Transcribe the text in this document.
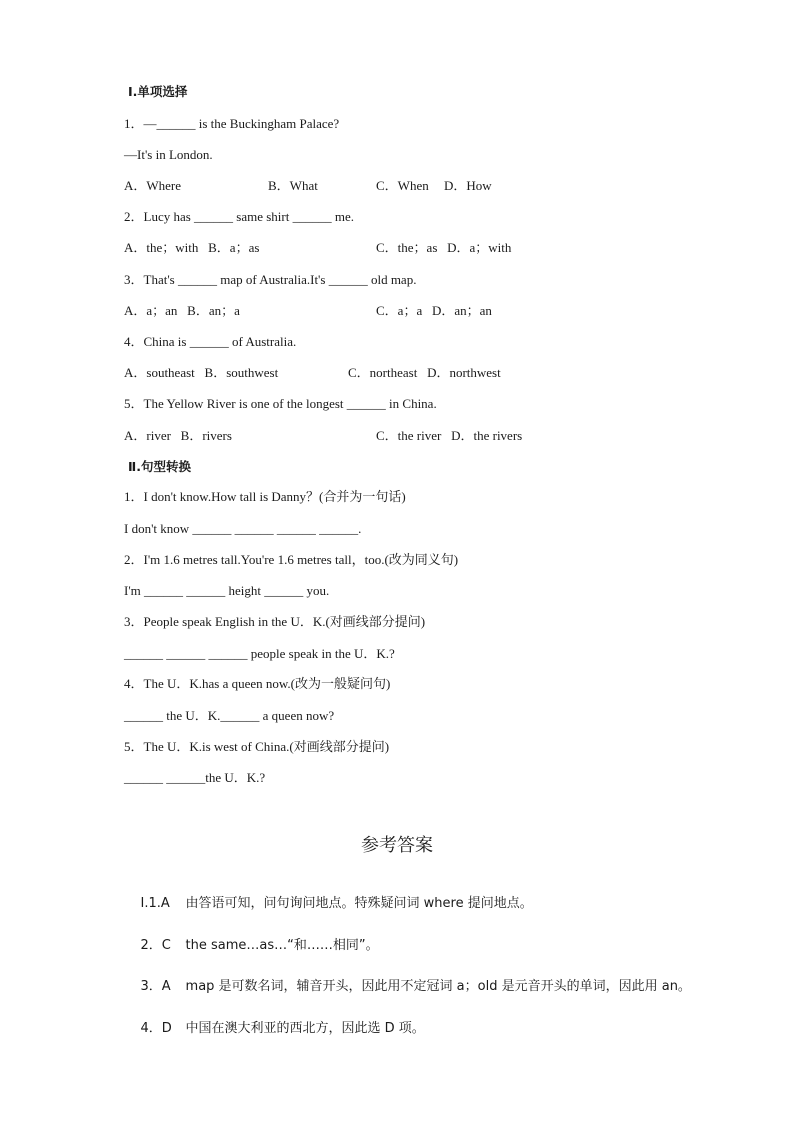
Ⅰ.单项选择
1．—______ is the Buckingham Palace?
—It's in London.
A．Where	B．What	C．When D．How
2．Lucy has ______ same shirt ______ me.
A．the；with   B．a；as	C．the；as   D．a；with
3．That's ______ map of Australia.It's ______ old map.
A．a；an   B．an；a	C．a；a   D．an；an
4．China is ______ of Australia.
A．southeast   B．southwest	C．northeast   D．northwest
5．The Yellow River is one of the longest ______ in China.
A．river   B．rivers	C．the river   D．the rivers
Ⅱ.句型转换
1．I don't know.How tall is Danny？(合并为一句话)
I don't know ______ ______ ______ ______.
2．I'm 1.6 metres tall.You're 1.6 metres tall，too.(改为同义句)
I'm ______ ______ height ______ you.
3．People speak English in the U．K.(对画线部分提问)
______ ______ ______ people speak in the U．K.?
4．The U．K.has a queen now.(改为一般疑问句)
______ the U．K.______ a queen now?
5．The U．K.is west of China.(对画线部分提问)
______ ______the U．K.?
参考答案

Ⅰ.1.A 由答语可知，问句询问地点。特殊疑问词 where 提问地点。

2．C the same…as…“和……相同”。

3．A map 是可数名词，辅音开头，因此用不定冠词 a；old 是元音开头的单词，因此用 an。

4．D 中国在澳大利亚的西北方，因此选 D 项。
